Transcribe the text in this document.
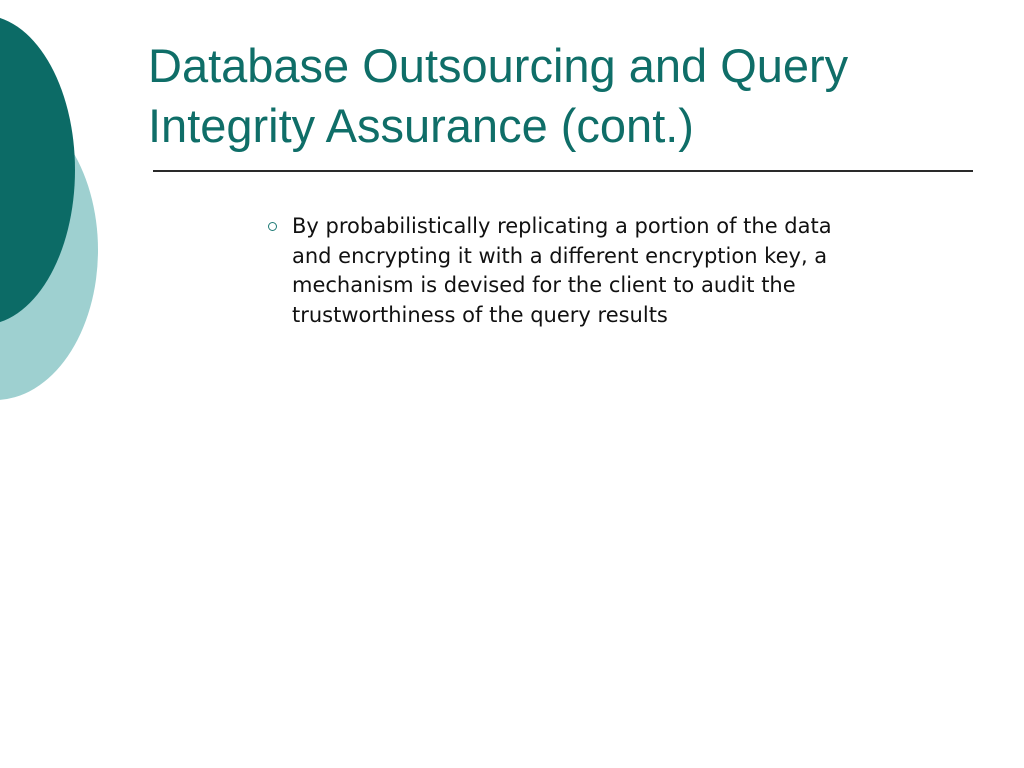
Database Outsourcing and Query
Integrity Assurance (cont.)
By probabilistically replicating a portion of the data
and encrypting it with a different encryption key, a
mechanism is devised for the client to audit the
trustworthiness of the query results
